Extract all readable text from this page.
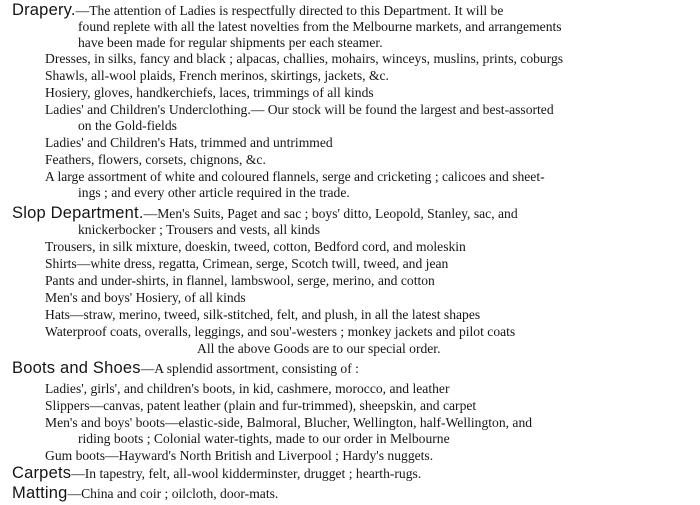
Drapery.—The attention of Ladies is respectfully directed to this Department. It will be
found replete with all the latest novelties from the Melbourne markets, and arrangements
have been made for regular shipments per each steamer.
Dresses, in silks, fancy and black ; alpacas, challies, mohairs, winceys, muslins, prints, coburgs
Shawls, all-wool plaids, French merinos, skirtings, jackets, &c.
Hosiery, gloves, handkerchiefs, laces, trimmings of all kinds
Ladies' and Children's Underclothing.— Our stock will be found the largest and best-assorted
on the Gold-fields
Ladies' and Children's Hats, trimmed and untrimmed
Feathers, flowers, corsets, chignons, &c.
A large assortment of white and coloured flannels, serge and cricketing ; calicoes and sheet-
ings ; and every other article required in the trade.
Slop Department.—Men's Suits, Paget and sac ; boys' ditto, Leopold, Stanley, sac, and
knickerbocker ; Trousers and vests, all kinds
Trousers, in silk mixture, doeskin, tweed, cotton, Bedford cord, and moleskin
Shirts—white dress, regatta, Crimean, serge, Scotch twill, tweed, and jean
Pants and under-shirts, in flannel, lambswool, serge, merino, and cotton
Men's and boys' Hosiery, of all kinds
Hats—straw, merino, tweed, silk-stitched, felt, and plush, in all the latest shapes
Waterproof coats, overalls, leggings, and sou'-westers ; monkey jackets and pilot coats
All the above Goods are to our special order.
Boots and Shoes—A splendid assortment, consisting of :
Ladies', girls', and children's boots, in kid, cashmere, morocco, and leather
Slippers—canvas, patent leather (plain and fur-trimmed), sheepskin, and carpet
Men's and boys' boots—elastic-side, Balmoral, Blucher, Wellington, half-Wellington, and
riding boots ; Colonial water-tights, made to our order in Melbourne
Gum boots—Hayward's North British and Liverpool ; Hardy's nuggets.
Carpets—In tapestry, felt, all-wool kidderminster, drugget ; hearth-rugs.
Matting—China and coir ; oilcloth, door-mats.
